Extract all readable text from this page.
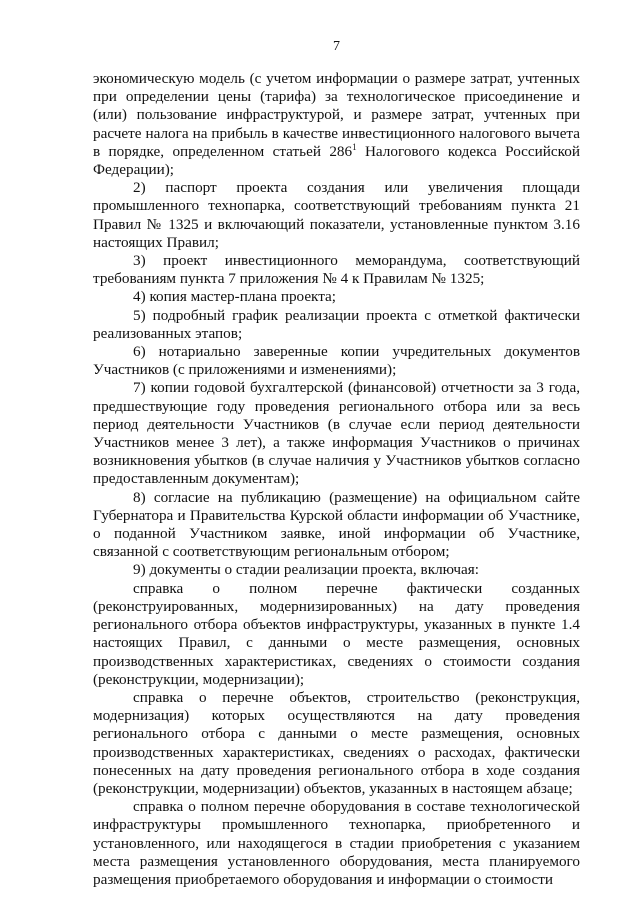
7

экономическую модель (с учетом информации о размере затрат, учтенных при определении цены (тарифа) за технологическое присоединение и (или) пользование инфраструктурой, и размере затрат, учтенных при расчете налога на прибыль в качестве инвестиционного налогового вычета в порядке, определенном статьей $286^1$ Налогового кодекса Российской Федерации);

2) паспорт проекта создания или увеличения площади промышленного технопарка, соответствующий требованиям пункта 21 Правил № 1325 и включающий показатели, установленные пунктом 3.16 настоящих Правил;

3) проект инвестиционного меморандума, соответствующий требованиям пункта 7 приложения № 4 к Правилам № 1325;

4) копия мастер-плана проекта;

5) подробный график реализации проекта с отметкой фактически реализованных этапов;

6) нотариально заверенные копии учредительных документов Участников (с приложениями и изменениями);

7) копии годовой бухгалтерской (финансовой) отчетности за 3 года, предшествующие году проведения регионального отбора или за весь период деятельности Участников (в случае если период деятельности Участников менее 3 лет), а также информация Участников о причинах возникновения убытков (в случае наличия у Участников убытков согласно предоставленным документам);

8) согласие на публикацию (размещение) на официальном сайте Губернатора и Правительства Курской области информации об Участнике, о поданной Участником заявке, иной информации об Участнике, связанной с соответствующим региональным отбором;

9) документы о стадии реализации проекта, включая:

справка о полном перечне фактически созданных (реконструированных, модернизированных) на дату проведения регионального отбора объектов инфраструктуры, указанных в пункте 1.4 настоящих Правил, с данными о месте размещения, основных производственных характеристиках, сведениях о стоимости создания (реконструкции, модернизации);

справка о перечне объектов, строительство (реконструкция, модернизация) которых осуществляются на дату проведения регионального отбора с данными о месте размещения, основных производственных характеристиках, сведениях о расходах, фактически понесенных на дату проведения регионального отбора в ходе создания (реконструкции, модернизации) объектов, указанных в настоящем абзаце;

справка о полном перечне оборудования в составе технологической инфраструктуры промышленного технопарка, приобретенного и установленного, или находящегося в стадии приобретения с указанием места размещения установленного оборудования, места планируемого размещения приобретаемого оборудования и информации о стоимости
